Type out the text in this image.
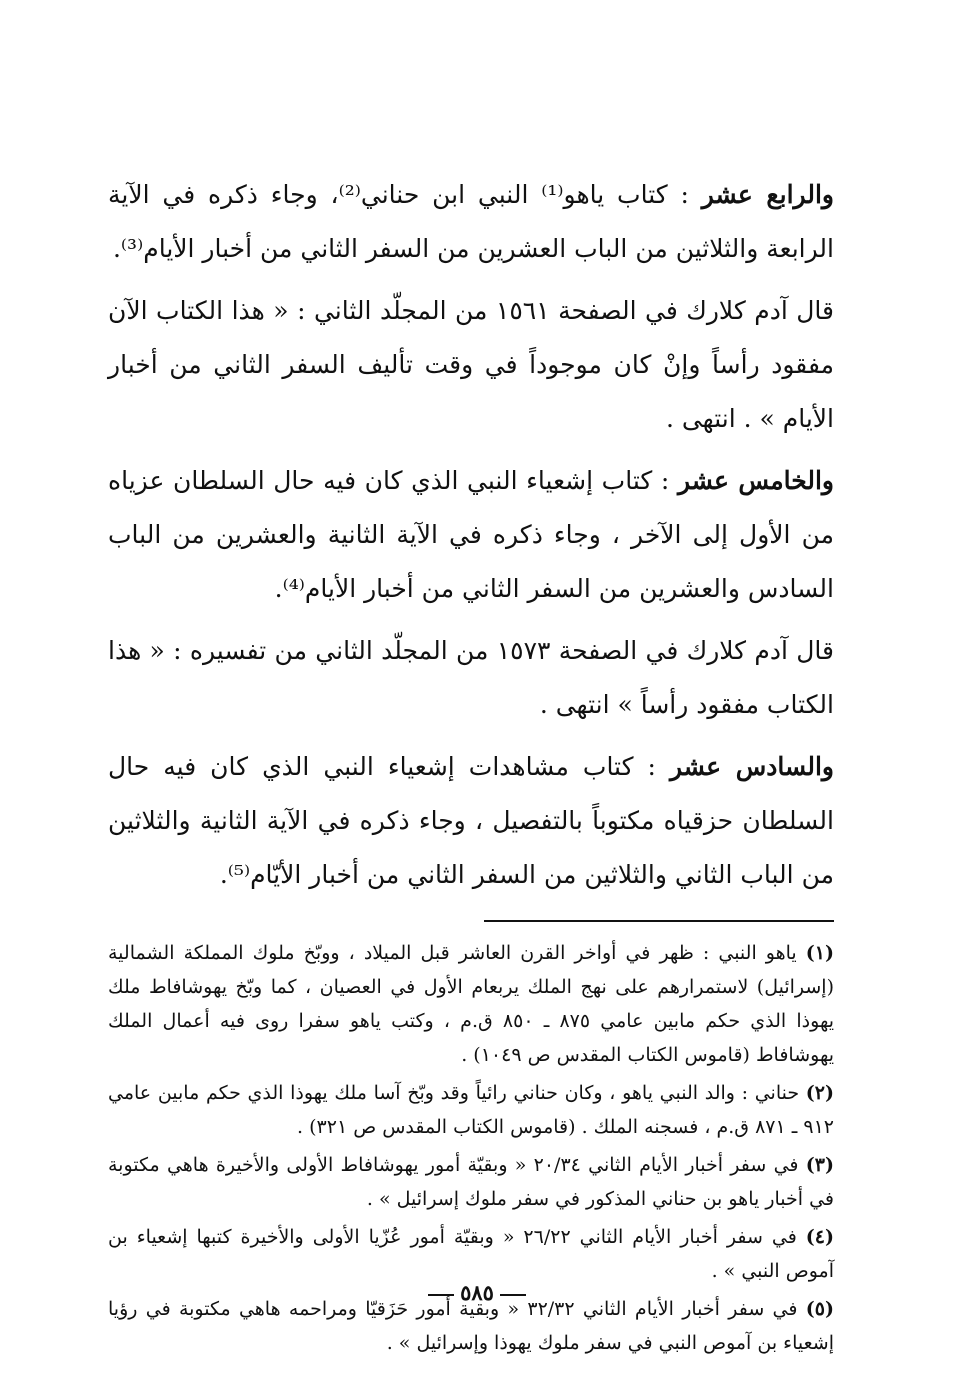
والرابع عشر : كتاب ياهو⁽¹⁾ النبي ابن حناني⁽²⁾، وجاء ذكره في الآية الرابعة والثلاثين من الباب العشرين من السفر الثاني من أخبار الأيام⁽³⁾.

قال آدم كلارك في الصفحة ١٥٦١ من المجلّد الثاني : « هذا الكتاب الآن مفقود رأساً وإنْ كان موجوداً في وقت تأليف السفر الثاني من أخبار الأيام » . انتهى .

والخامس عشر : كتاب إشعياء النبي الذي كان فيه حال السلطان عزياه من الأول إلى الآخر ، وجاء ذكره في الآية الثانية والعشرين من الباب السادس والعشرين من السفر الثاني من أخبار الأيام⁽⁴⁾.

قال آدم كلارك في الصفحة ١٥٧٣ من المجلّد الثاني من تفسيره : « هذا الكتاب مفقود رأساً » انتهى .

والسادس عشر : كتاب مشاهدات إشعياء النبي الذي كان فيه حال السلطان حزقياه مكتوباً بالتفصيل ، وجاء ذكره في الآية الثانية والثلاثين من الباب الثاني والثلاثين من السفر الثاني من أخبار الأيّام⁽⁵⁾.

(١) ياهو النبي : ظهر في أواخر القرن العاشر قبل الميلاد ، ووبّخ ملوك المملكة الشمالية (إسرائيل) لاستمرارهم على نهج الملك يربعام الأول في العصيان ، كما وبّخ يهوشافاط ملك يهوذا الذي حكم مابين عامي ٨٧٥ ـ ٨٥٠ ق.م ، وكتب ياهو سفرا روى فيه أعمال الملك يهوشافاط (قاموس الكتاب المقدس ص ١٠٤٩) .

(٢) حناني : والد النبي ياهو ، وكان حناني رائياً وقد وبّخ آسا ملك يهوذا الذي حكم مابين عامي ٩١٢ ـ ٨٧١ ق.م ، فسجنه الملك . (قاموس الكتاب المقدس ص ٣٢١) .

(٣) في سفر أخبار الأيام الثاني ٢٠/٣٤ « وبقيّة أمور يهوشافاط الأولى والأخيرة هاهي مكتوبة في أخبار ياهو بن حناني المذكور في سفر ملوك إسرائيل » .

(٤) في سفر أخبار الأيام الثاني ٢٦/٢٢ « وبقيّة أمور عُزّيا الأولى والأخيرة كتبها إشعياء بن آموص النبي » .

(٥) في سفر أخبار الأيام الثاني ٣٢/٣٢ « وبقية أمور حَزَقيّا ومراحمه هاهي مكتوبة في رؤيا إشعياء بن آموص النبي في سفر ملوك يهوذا وإسرائيل » .

٥٨٥
